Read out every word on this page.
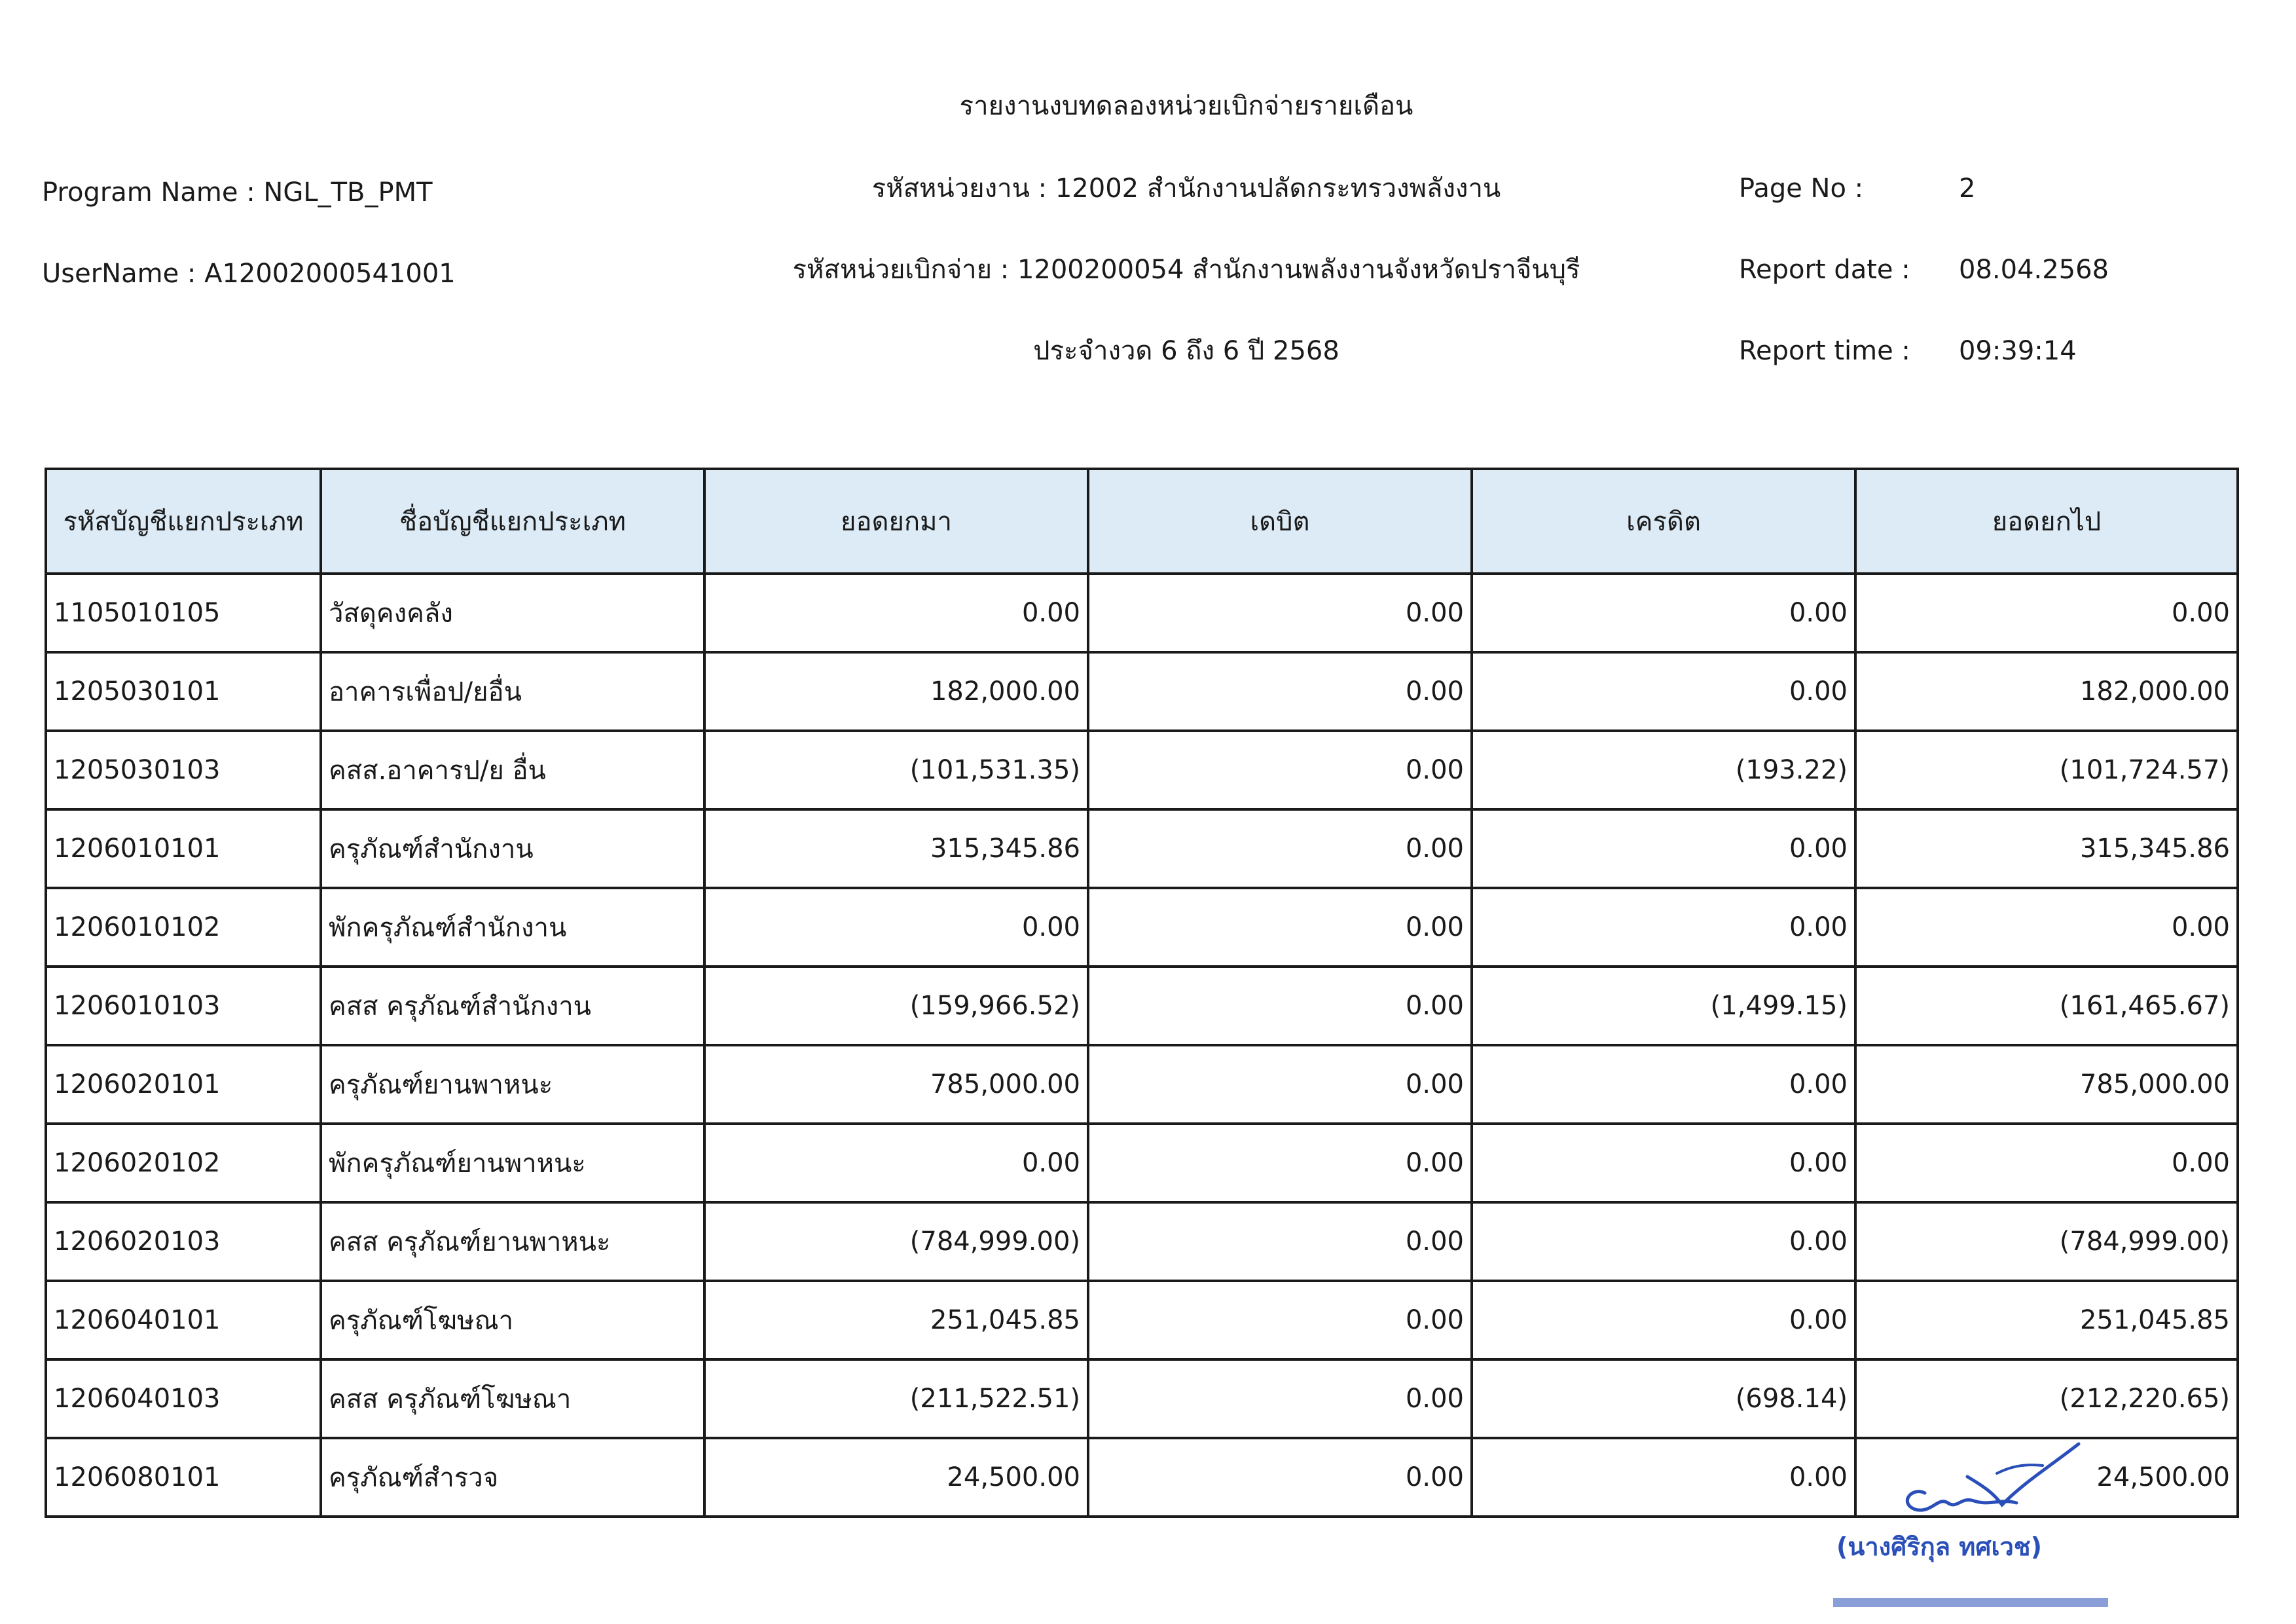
รายงานงบทดลองหน่วยเบิกจ่ายรายเดือน
รหัสหน่วยงาน : 12002 สำนักงานปลัดกระทรวงพลังงาน
รหัสหน่วยเบิกจ่าย : 1200200054 สำนักงานพลังงานจังหวัดปราจีนบุรี
ประจำงวด 6 ถึง 6 ปี 2568
Program Name : NGL_TB_PMT
UserName : A12002000541001
Page No :	2
Report date : 08.04.2568
Report time : 09:39:14
รหัสบัญชีแยกประเภท	ชื่อบัญชีแยกประเภท	ยอดยกมา	เดบิต	เครดิต	ยอดยกไป
1105010105	วัสดุคงคลัง	0.00	0.00	0.00	0.00
1205030101	อาคารเพื่อป/ยอื่น	182,000.00	0.00	0.00	182,000.00
1205030103	คสส.อาคารป/ย อื่น	(101,531.35)	0.00	(193.22)	(101,724.57)
1206010101	ครุภัณฑ์สำนักงาน	315,345.86	0.00	0.00	315,345.86
1206010102	พักครุภัณฑ์สำนักงาน	0.00	0.00	0.00	0.00
1206010103	คสส ครุภัณฑ์สำนักงาน	(159,966.52)	0.00	(1,499.15)	(161,465.67)
1206020101	ครุภัณฑ์ยานพาหนะ	785,000.00	0.00	0.00	785,000.00
1206020102	พักครุภัณฑ์ยานพาหนะ	0.00	0.00	0.00	0.00
1206020103	คสส ครุภัณฑ์ยานพาหนะ	(784,999.00)	0.00	0.00	(784,999.00)
1206040101	ครุภัณฑ์โฆษณา	251,045.85	0.00	0.00	251,045.85
1206040103	คสส ครุภัณฑ์โฆษณา	(211,522.51)	0.00	(698.14)	(212,220.65)
1206080101	ครุภัณฑ์สำรวจ	24,500.00	0.00	0.00	24,500.00
(นางศิริกุล ทศเวช)
